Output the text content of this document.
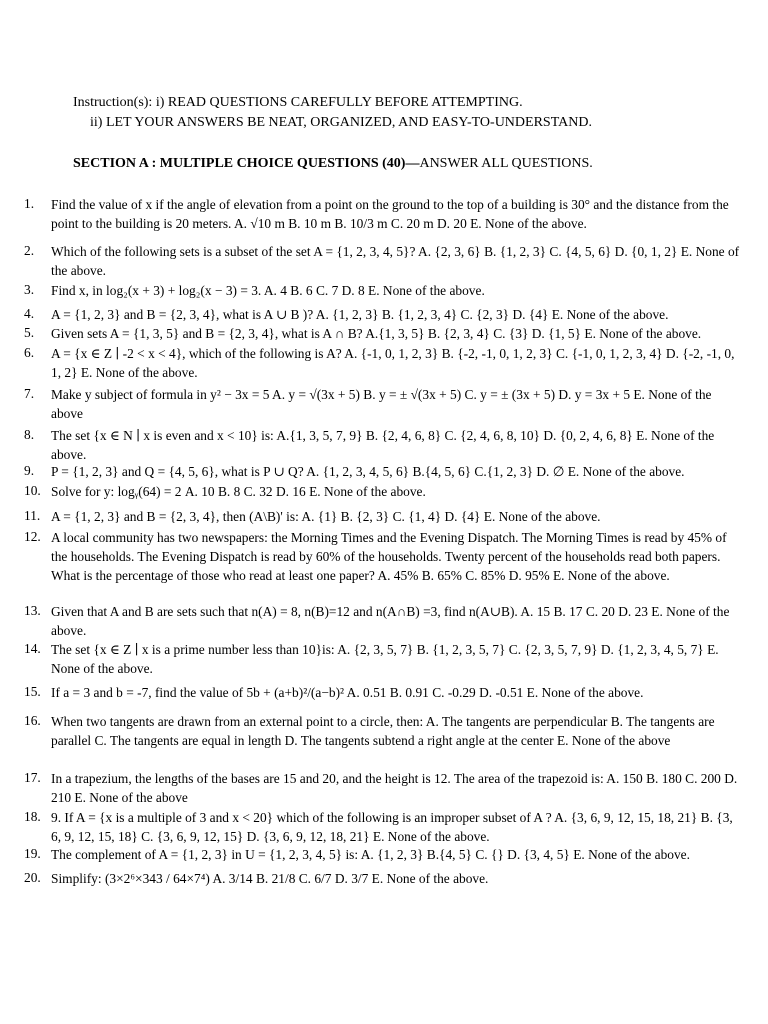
Instruction(s): i) READ QUESTIONS CAREFULLY BEFORE ATTEMPTING.
ii) LET YOUR ANSWERS BE NEAT, ORGANIZED, AND EASY-TO-UNDERSTAND.
SECTION A : MULTIPLE CHOICE QUESTIONS (40)—ANSWER ALL QUESTIONS.
1. Find the value of x if the angle of elevation from a point on the ground to the top of a building is 30° and the distance from the point to the building is 20 meters. A. √10 m B. 10 m B. 10/3 m C. 20 m D. 20 E. None of the above.
2. Which of the following sets is a subset of the set A = {1, 2, 3, 4, 5}? A. {2, 3, 6} B. {1, 2, 3} C. {4, 5, 6} D. {0, 1, 2} E. None of the above.
3. Find x, in log₂(x + 3) + log₂(x − 3) = 3. A. 4 B. 6 C. 7 D. 8 E. None of the above.
4. A = {1, 2, 3} and B = {2, 3, 4}, what is A ∪ B )? A. {1, 2, 3} B. {1, 2, 3, 4} C. {2, 3} D. {4} E. None of the above.
5. Given sets A = {1, 3, 5} and B = {2, 3, 4}, what is A ∩ B? A.{1, 3, 5} B. {2, 3, 4} C. {3} D. {1, 5} E. None of the above.
6. A = {x ∈ Z ∣ -2 < x < 4}, which of the following is A? A. {-1, 0, 1, 2, 3} B. {-2, -1, 0, 1, 2, 3} C. {-1, 0, 1, 2, 3, 4} D. {-2, -1, 0, 1, 2} E. None of the above.
7. Make y subject of formula in y² − 3x = 5 A. y = √(3x + 5) B. y = ± √(3x + 5) C. y = ± (3x + 5) D. y = 3x + 5 E. None of the above
8. The set {x ∈ N ∣ x is even and x < 10} is: A.{1, 3, 5, 7, 9} B. {2, 4, 6, 8} C. {2, 4, 6, 8, 10} D. {0, 2, 4, 6, 8} E. None of the above.
9. P = {1, 2, 3} and Q = {4, 5, 6}, what is P ∪ Q? A. {1, 2, 3, 4, 5, 6} B.{4, 5, 6} C.{1, 2, 3} D. ∅ E. None of the above.
10. Solve for y: logᵧ(64) = 2 A. 10 B. 8 C. 32 D. 16 E. None of the above.
11. A = {1, 2, 3} and B = {2, 3, 4}, then (A\B)' is: A. {1} B. {2, 3} C. {1, 4} D. {4} E. None of the above.
12. A local community has two newspapers: the Morning Times and the Evening Dispatch. The Morning Times is read by 45% of the households. The Evening Dispatch is read by 60% of the households. Twenty percent of the households read both papers. What is the percentage of those who read at least one paper? A. 45% B. 65% C. 85% D. 95% E. None of the above.
13. Given that A and B are sets such that n(A) = 8, n(B)=12 and n(A∩B) =3, find n(A∪B). A. 15 B. 17 C. 20 D. 23 E. None of the above.
14. The set {x ∈ Z ∣ x is a prime number less than 10}is: A. {2, 3, 5, 7} B. {1, 2, 3, 5, 7} C. {2, 3, 5, 7, 9} D. {1, 2, 3, 4, 5, 7} E. None of the above.
15. If a = 3 and b = -7, find the value of 5b + (a+b)²/(a−b)² A. 0.51 B. 0.91 C. -0.29 D. -0.51 E. None of the above.
16. When two tangents are drawn from an external point to a circle, then: A. The tangents are perpendicular B. The tangents are parallel C. The tangents are equal in length D. The tangents subtend a right angle at the center E. None of the above
17. In a trapezium, the lengths of the bases are 15 and 20, and the height is 12. The area of the trapezoid is: A. 150 B. 180 C. 200 D. 210 E. None of the above
18. 9. If A = {x is a multiple of 3 and x < 20} which of the following is an improper subset of A ? A. {3, 6, 9, 12, 15, 18, 21} B. {3, 6, 9, 12, 15, 18} C. {3, 6, 9, 12, 15} D. {3, 6, 9, 12, 18, 21} E. None of the above.
19. The complement of A = {1, 2, 3} in U = {1, 2, 3, 4, 5} is: A. {1, 2, 3} B.{4, 5} C. {} D. {3, 4, 5} E. None of the above.
20. Simplify: (3×2⁶×343 / 64×7⁴) A. 3/14 B. 21/8 C. 6/7 D. 3/7 E. None of the above.
